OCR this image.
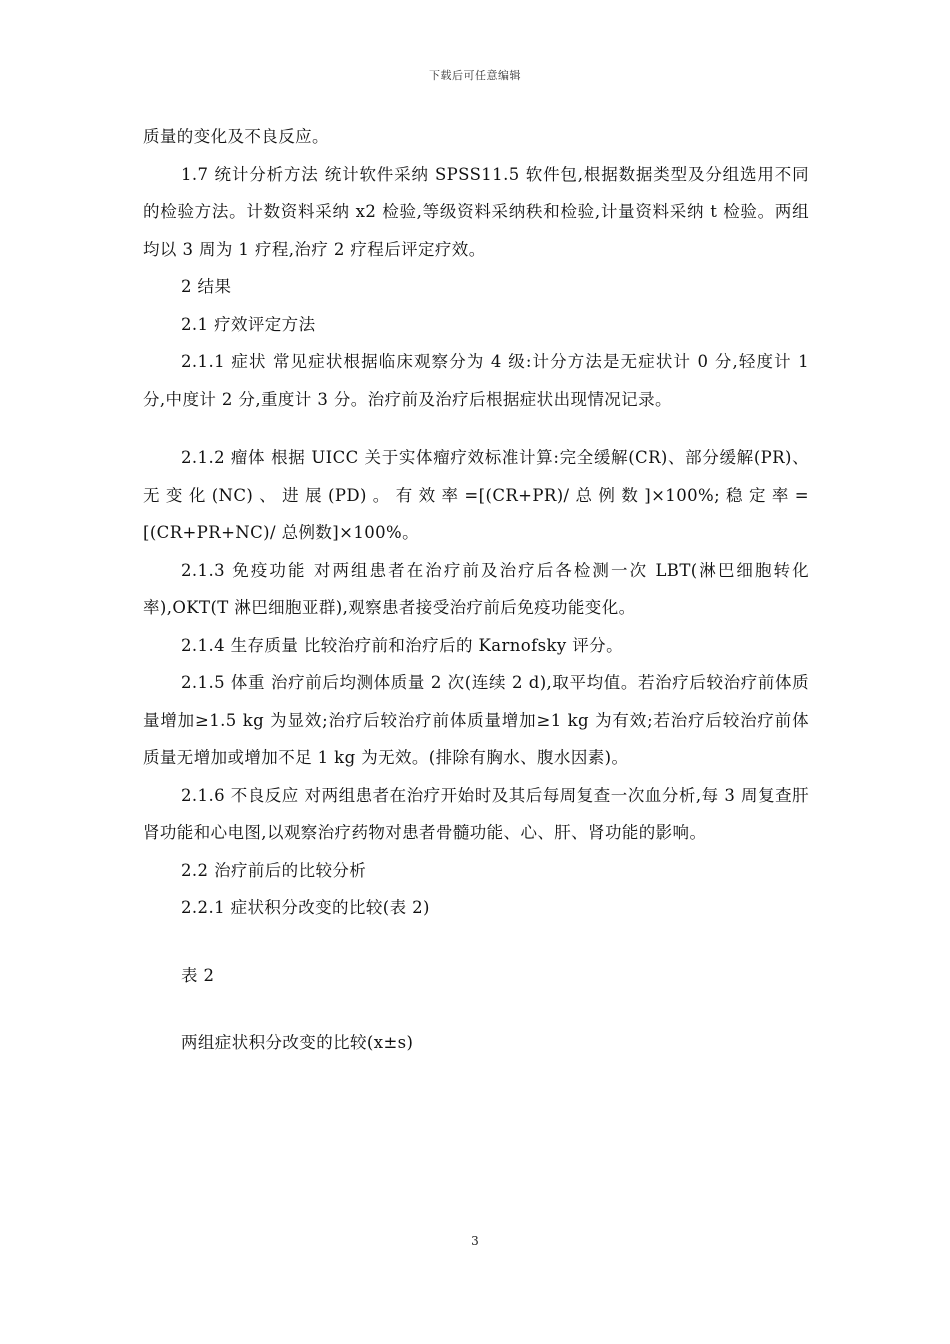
下载后可任意编辑

质量的变化及不良反应。

1.7 统计分析方法 统计软件采纳 SPSS11.5 软件包,根据数据类型及分组选用不同的检验方法。计数资料采纳 x2 检验,等级资料采纳秩和检验,计量资料采纳 t 检验。两组均以 3 周为 1 疗程,治疗 2 疗程后评定疗效。

2 结果

2.1 疗效评定方法

2.1.1 症状 常见症状根据临床观察分为 4 级:计分方法是无症状计 0 分,轻度计 1 分,中度计 2 分,重度计 3 分。治疗前及治疗后根据症状出现情况记录。

2.1.2 瘤体 根据 UICC 关于实体瘤疗效标准计算:完全缓解(CR)、部分缓解(PR)、无变化(NC)、进展(PD)。有效率=[(CR+PR)/总例数]×100%;稳定率=[(CR+PR+NC)/ 总例数]×100%。

2.1.3 免疫功能 对两组患者在治疗前及治疗后各检测一次 LBT(淋巴细胞转化率),OKT(T 淋巴细胞亚群),观察患者接受治疗前后免疫功能变化。

2.1.4 生存质量 比较治疗前和治疗后的 Karnofsky 评分。

2.1.5 体重 治疗前后均测体质量 2 次(连续 2 d),取平均值。若治疗后较治疗前体质量增加≥1.5 kg 为显效;治疗后较治疗前体质量增加≥1 kg 为有效;若治疗后较治疗前体质量无增加或增加不足 1 kg 为无效。(排除有胸水、腹水因素)。

2.1.6 不良反应 对两组患者在治疗开始时及其后每周复查一次血分析,每 3 周复查肝肾功能和心电图,以观察治疗药物对患者骨髓功能、心、肝、肾功能的影响。

2.2 治疗前后的比较分析

2.2.1 症状积分改变的比较(表 2)

表 2

两组症状积分改变的比较(x±s)

3
